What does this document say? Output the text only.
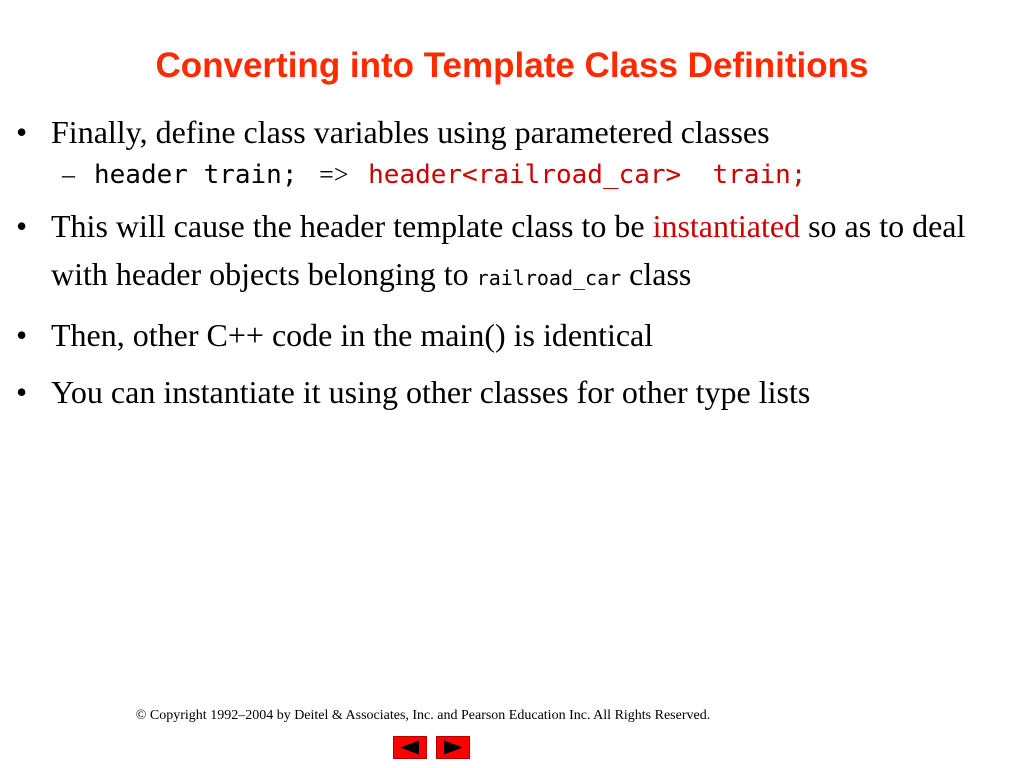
Converting into Template Class Definitions
• Finally, define class variables using parametered classes
– header train; => header<railroad_car>  train;
• This will cause the header template class to be instantiated so as to deal with header objects belonging to railroad_car class
• Then, other C++ code in the main() is identical
• You can instantiate it using other classes for other type lists
© Copyright 1992–2004 by Deitel & Associates, Inc. and Pearson Education Inc. All Rights Reserved.
